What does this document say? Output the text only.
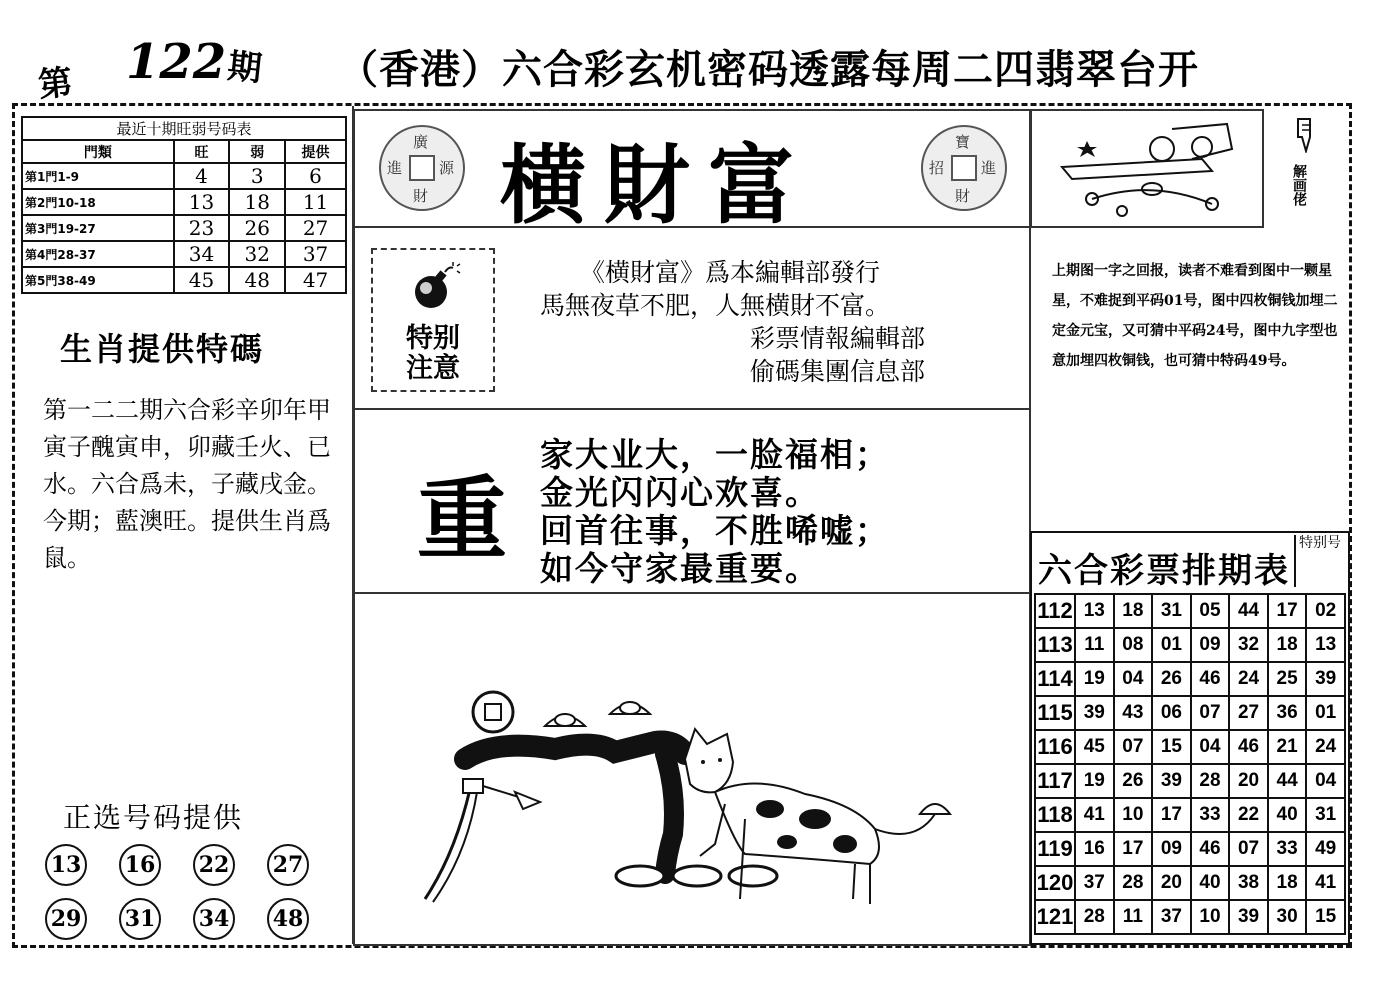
第 122 期 （香港）六合彩玄机密码透露每周二四翡翠台开
最近十期旺弱号码表			
門類	旺	弱	提供
第1門1-9	4	3	6
第2門10-18	13	18	11
第3門19-27	23	26	27
第4門28-37	34	32	37
第5門38-49	45	48	47
生肖提供特碼
第一二二期六合彩辛卯年甲寅子醜寅申，卯藏壬火、已水。六合爲未，子藏戌金。今期；藍澳旺。提供生肖爲鼠。
正选号码提供
13 16 22 27
29 31 34 48
廣
進 源
財 横財富	寶
招 進
財
特别
注意
《横財富》爲本編輯部發行
馬無夜草不肥，人無横財不富。
彩票情報編輯部
偷碼集團信息部
重
家大业大，一脸福相；
金光闪闪心欢喜。
回首往事，不胜唏嘘；
如今守家最重要。
解画佬
上期图一字之回报，读者不难看到图中一颗星星，不难捉到平码01号，图中四枚铜钱加埋二定金元宝，又可猜中平码24号，图中九字型也意加埋四枚铜钱，也可猜中特码49号。
六合彩票排期表
特别号
112	13	18	31	05	44	17	02
113	11	08	01	09	32	18	13
114	19	04	26	46	24	25	39
115	39	43	06	07	27	36	01
116	45	07	15	04	46	21	24
117	19	26	39	28	20	44	04
118	41	10	17	33	22	40	31
119	16	17	09	46	07	33	49
120	37	28	20	40	38	18	41
121	28	11	37	10	39	30	15
